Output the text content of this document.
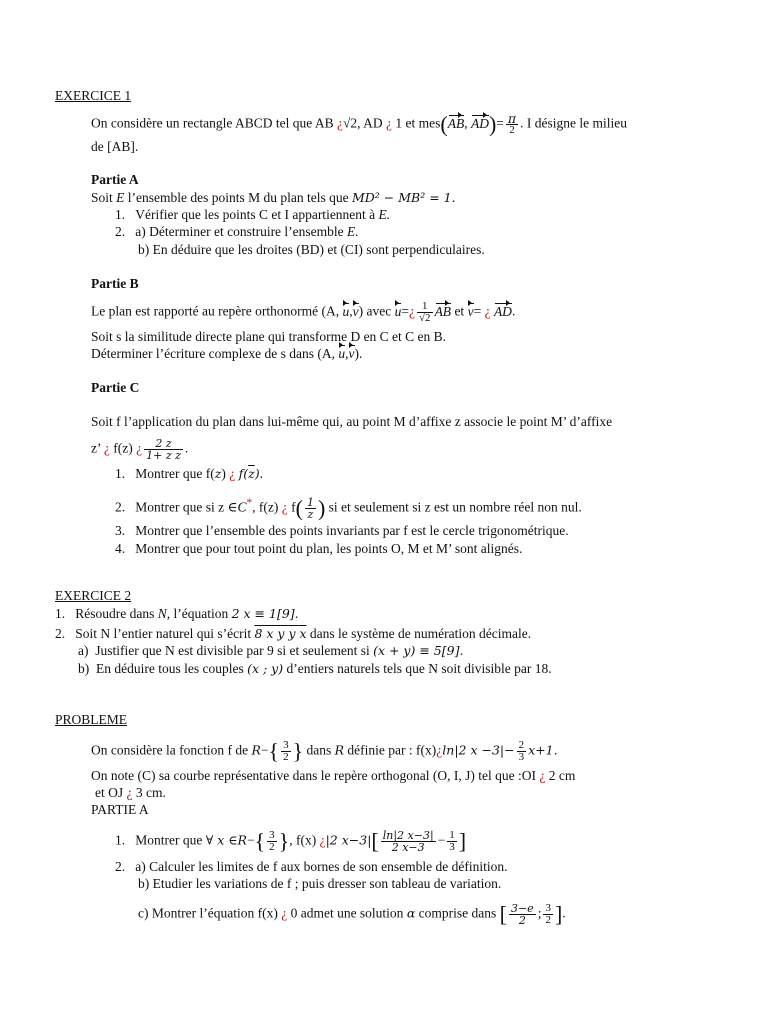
EXERCICE 1
On considère un rectangle ABCD tel que AB ¿√2, AD ¿ 1 et mes(AB, $AD)= \frac{\pi}{2}$ . I désigne le milieu
de [AB].
Partie A
Soit E l’ensemble des points M du plan tels que MD² − MB² = 1.
1. Vérifier que les points C et I appartiennent à E.
2. a) Déterminer et construire l’ensemble E.
b) En déduire que les droites (BD) et (CI) sont perpendiculaires.
Partie B
Le plan est rapporté au repère orthonormé (A, u,v) avec u=¿ $\frac{1}{√2}$ AB et v= ¿ AD.
Soit s la similitude directe plane qui transforme D en C et C en B.
Déterminer l’écriture complexe de s dans (A, u,v).
Partie C
Soit f l’application du plan dans lui-même qui, au point M d’affixe z associe le point M’ d’affixe
z’ ¿ f(z) ¿ $\frac{2 z}{\text{1+ z z}}$ .
1. Montrer que f(z) ¿ $f(\overline{z})$.
2. Montrer que si z ∈C*, f(z) ¿ $f( \frac{1}{z}$ ) si et seulement si z est un nombre réel non nul.
3. Montrer que l’ensemble des points invariants par f est le cercle trigonométrique.
4. Montrer que pour tout point du plan, les points O, M et M’ sont alignés.
EXERCICE 2
1. Résoudre dans N, l’équation 2 x ≡ 1[9].
2. Soit N l’entier naturel qui s’écrit 8 x y y x dans le système de numération décimale.
a) Justifier que N est divisible par 9 si et seulement si (x + y) ≡ 5[9].
b) En déduire tous les couples (x ; y) d’entiers naturels tels que N soit divisible par 18.
PROBLEME
On considère la fonction f de $R-\{ \frac{3}{2}$ } dans R définie par : f(x)¿ln|2 $x -3|- \frac{2}{3} x+1$.
On note (C) sa courbe représentative dans le repère orthogonal (O, I, J) tel que :OI ¿ 2 cm
et OJ ¿ 3 cm.
PARTIE A
1. Montrer que ∀ x ∈R−{ $\frac{3}{2}$ }, f(x) ¿|2 $x-3|[ \frac{\ln|2 x-3|}{2 x-3} - \frac{1}{3}$ ]
2. a) Calculer les limites de f aux bornes de son ensemble de définition.
b) Etudier les variations de f ; puis dresser son tableau de variation.
c) Montrer l’équation f(x) ¿ 0 admet une solution α comprise dans [ $\frac{3-e}{2}$ ; $\frac{3}{2}$ ].
